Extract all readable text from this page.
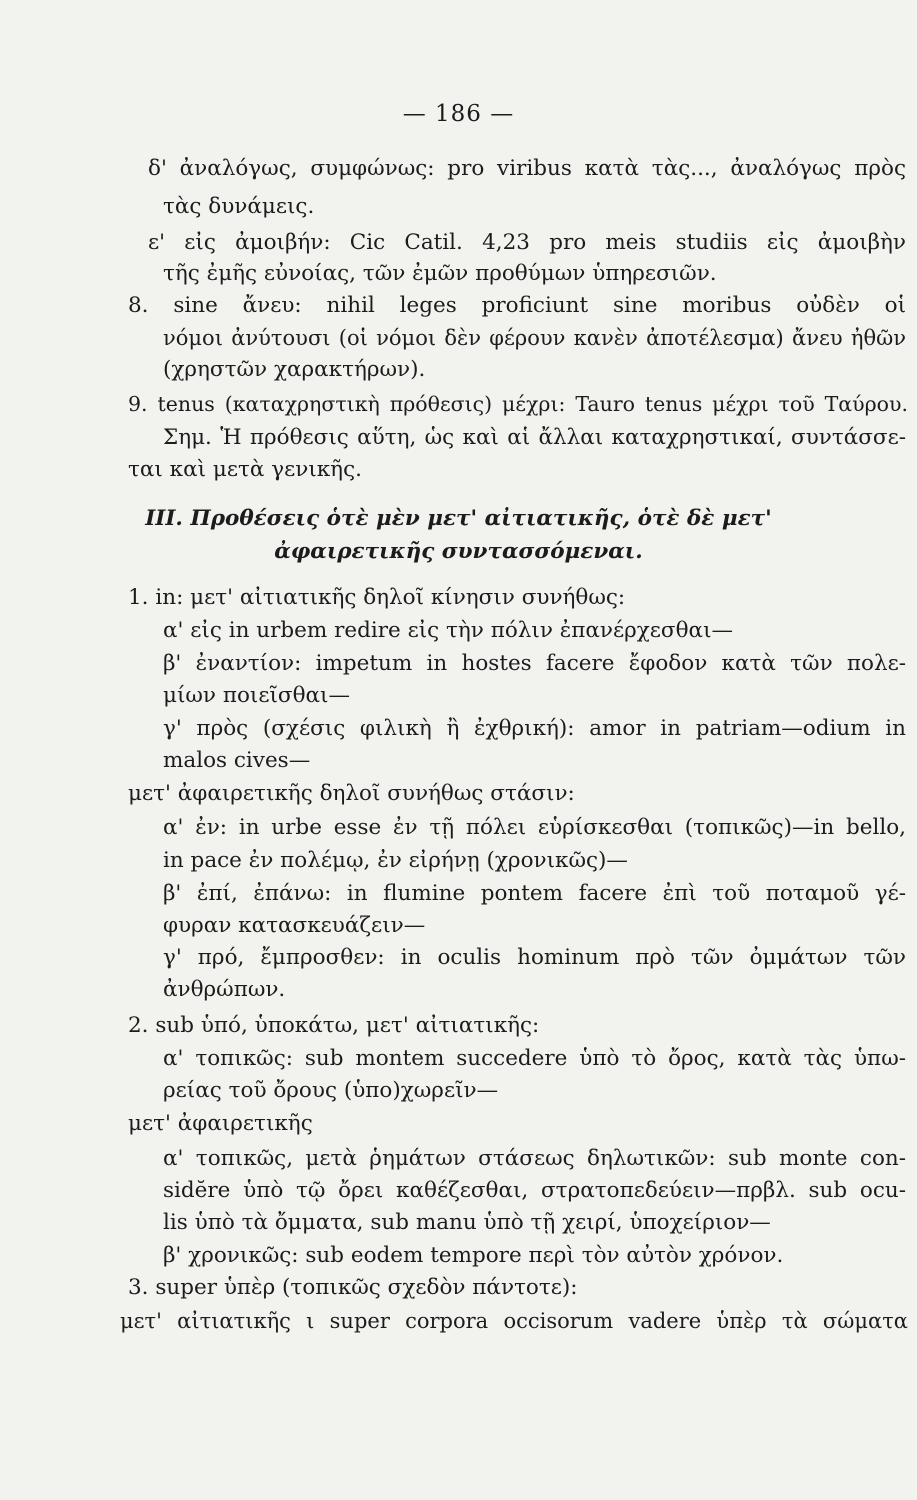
— 186 —
δ' ἀναλόγως, συμφώνως: pro viribus κατὰ τὰς..., ἀναλόγως πρὸς
τὰς δυνάμεις.
ε' εἰς ἀμοιβήν: Cic Catil. 4,23 pro meis studiis εἰς ἀμοιβὴν
τῆς ἐμῆς εὐνοίας, τῶν ἐμῶν προθύμων ὑπηρεσιῶν.
8. sine ἄνευ: nihil leges proficiunt sine moribus οὐδὲν οἱ
νόμοι ἀνύτουσι (οἱ νόμοι δὲν φέρουν κανὲν ἀποτέλεσμα) ἄνευ ἠθῶν
(χρηστῶν χαρακτήρων).
9. tenus (καταχρηστικὴ πρόθεσις) μέχρι: Tauro tenus μέχρι τοῦ Ταύρου.
Σημ. Ἡ πρόθεσις αὕτη, ὡς καὶ αἱ ἄλλαι καταχρηστικαί, συντάσσε-
ται καὶ μετὰ γενικῆς.
III. Προθέσεις ὁτὲ μὲν μετ' αἰτιατικῆς, ὁτὲ δὲ μετ'
ἀφαιρετικῆς συντασσόμεναι.
1. in: μετ' αἰτιατικῆς δηλοῖ κίνησιν συνήθως:
α' εἰς in urbem redire εἰς τὴν πόλιν ἐπανέρχεσθαι—
β' ἐναντίον: impetum in hostes facere ἔφοδον κατὰ τῶν πολε-
μίων ποιεῖσθαι—
γ' πρὸς (σχέσις φιλικὴ ἢ ἐχθρική): amor in patriam—odium in
malos cives—
μετ' ἀφαιρετικῆς δηλοῖ συνήθως στάσιν:
α' ἐν: in urbe esse ἐν τῇ πόλει εὑρίσκεσθαι (τοπικῶς)—in bello,
in pace ἐν πολέμῳ, ἐν εἰρήνῃ (χρονικῶς)—
β' ἐπί, ἐπάνω: in flumine pontem facere ἐπὶ τοῦ ποταμοῦ γέ-
φυραν κατασκευάζειν—
γ' πρό, ἔμπροσθεν: in oculis hominum πρὸ τῶν ὀμμάτων τῶν
ἀνθρώπων.
2. sub ὑπό, ὑποκάτω, μετ' αἰτιατικῆς:
α' τοπικῶς: sub montem succedere ὑπὸ τὸ ὄρος, κατὰ τὰς ὑπω-
ρείας τοῦ ὄρους (ὑπο)χωρεῖν—
μετ' ἀφαιρετικῆς
α' τοπικῶς, μετὰ ῥημάτων στάσεως δηλωτικῶν: sub monte con-
sidĕre ὑπὸ τῷ ὄρει καθέζεσθαι, στρατοπεδεύειν—πρβλ. sub ocu-
lis ὑπὸ τὰ ὄμματα, sub manu ὑπὸ τῇ χειρί, ὑποχείριον—
β' χρονικῶς: sub eodem tempore περὶ τὸν αὐτὸν χρόνον.
3. super ὑπὲρ (τοπικῶς σχεδὸν πάντοτε):
μετ' αἰτιατικῆς ι super corpora occisorum vadere ὑπὲρ τὰ σώματα
